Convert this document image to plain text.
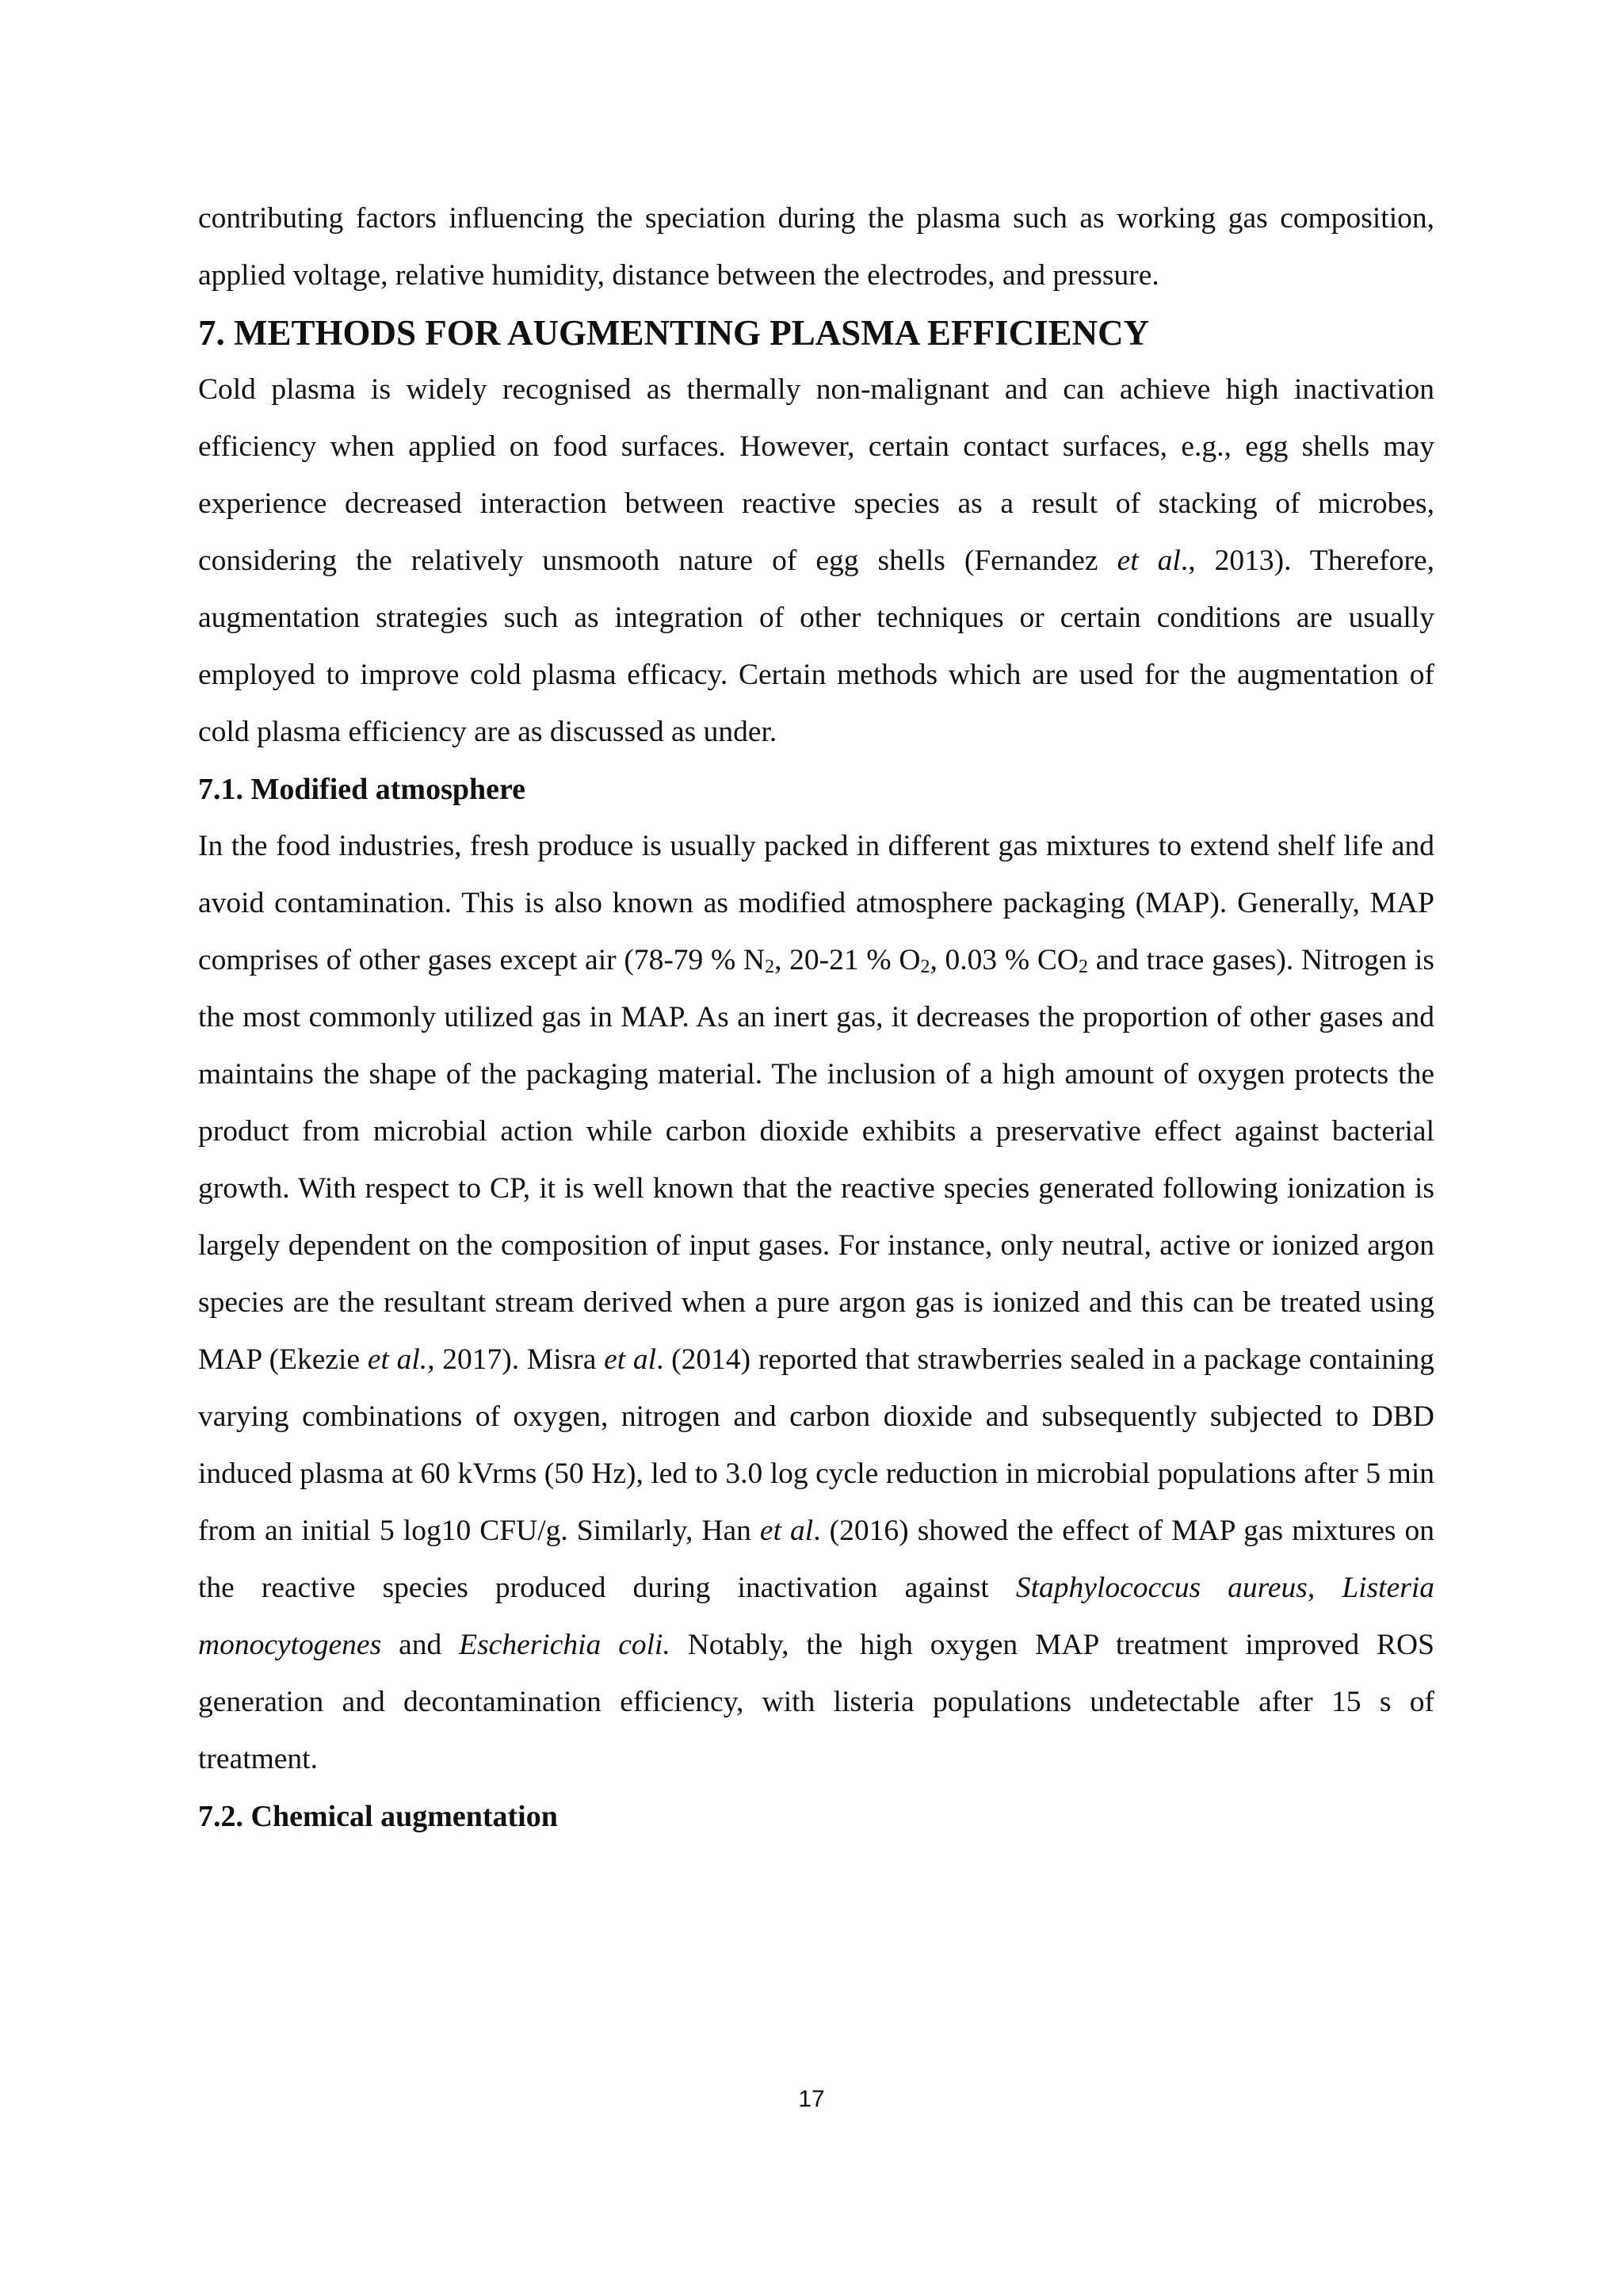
contributing factors influencing the speciation during the plasma such as working gas composition, applied voltage, relative humidity, distance between the electrodes, and pressure.

7. METHODS FOR AUGMENTING PLASMA EFFICIENCY

Cold plasma is widely recognised as thermally non-malignant and can achieve high inactivation efficiency when applied on food surfaces. However, certain contact surfaces, e.g., egg shells may experience decreased interaction between reactive species as a result of stacking of microbes, considering the relatively unsmooth nature of egg shells (Fernandez et al., 2013). Therefore, augmentation strategies such as integration of other techniques or certain conditions are usually employed to improve cold plasma efficacy. Certain methods which are used for the augmentation of cold plasma efficiency are as discussed as under.

7.1. Modified atmosphere

In the food industries, fresh produce is usually packed in different gas mixtures to extend shelf life and avoid contamination. This is also known as modified atmosphere packaging (MAP). Generally, MAP comprises of other gases except air (78-79 % $N_2$, 20-21 % $O_2$, 0.03 % $CO_2$ and trace gases). Nitrogen is the most commonly utilized gas in MAP. As an inert gas, it decreases the proportion of other gases and maintains the shape of the packaging material. The inclusion of a high amount of oxygen protects the product from microbial action while carbon dioxide exhibits a preservative effect against bacterial growth. With respect to CP, it is well known that the reactive species generated following ionization is largely dependent on the composition of input gases. For instance, only neutral, active or ionized argon species are the resultant stream derived when a pure argon gas is ionized and this can be treated using MAP (Ekezie et al., 2017). Misra et al. (2014) reported that strawberries sealed in a package containing varying combinations of oxygen, nitrogen and carbon dioxide and subsequently subjected to DBD induced plasma at 60 kVrms (50 Hz), led to 3.0 log cycle reduction in microbial populations after 5 min from an initial 5 log10 CFU/g. Similarly, Han et al. (2016) showed the effect of MAP gas mixtures on the reactive species produced during inactivation against Staphylococcus aureus, Listeria monocytogenes and Escherichia coli. Notably, the high oxygen MAP treatment improved ROS generation and decontamination efficiency, with listeria populations undetectable after 15 s of treatment.

7.2. Chemical augmentation
17
